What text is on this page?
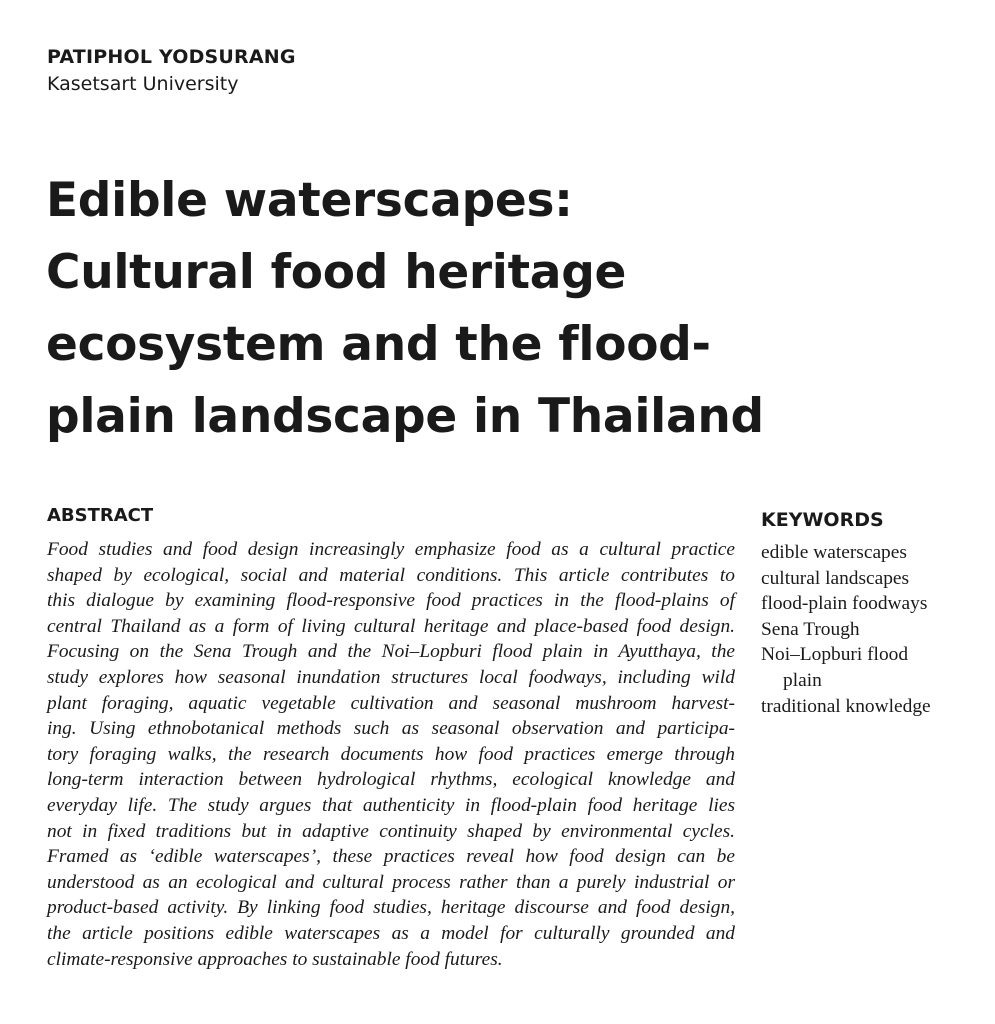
PATIPHOL YODSURANG

Kasetsart University

Edible waterscapes:
Cultural food heritage
ecosystem and the flood-
plain landscape in Thailand
ABSTRACT
Food studies and food design increasingly emphasize food as a cultural practice
shaped by ecological, social and material conditions. This article contributes to
this dialogue by examining flood-responsive food practices in the flood-plains of
central Thailand as a form of living cultural heritage and place-based food design.
Focusing on the Sena Trough and the Noi–Lopburi flood plain in Ayutthaya, the
study explores how seasonal inundation structures local foodways, including wild
plant foraging, aquatic vegetable cultivation and seasonal mushroom harvest-
ing. Using ethnobotanical methods such as seasonal observation and participa-
tory foraging walks, the research documents how food practices emerge through
long-term interaction between hydrological rhythms, ecological knowledge and
everyday life. The study argues that authenticity in flood-plain food heritage lies
not in fixed traditions but in adaptive continuity shaped by environmental cycles.
Framed as ‘edible waterscapes’, these practices reveal how food design can be
understood as an ecological and cultural process rather than a purely industrial or
product-based activity. By linking food studies, heritage discourse and food design,
the article positions edible waterscapes as a model for culturally grounded and
climate-responsive approaches to sustainable food futures.
KEYWORDS
edible waterscapes
cultural landscapes
flood-plain foodways
Sena Trough
Noi–Lopburi flood
plain
traditional knowledge
